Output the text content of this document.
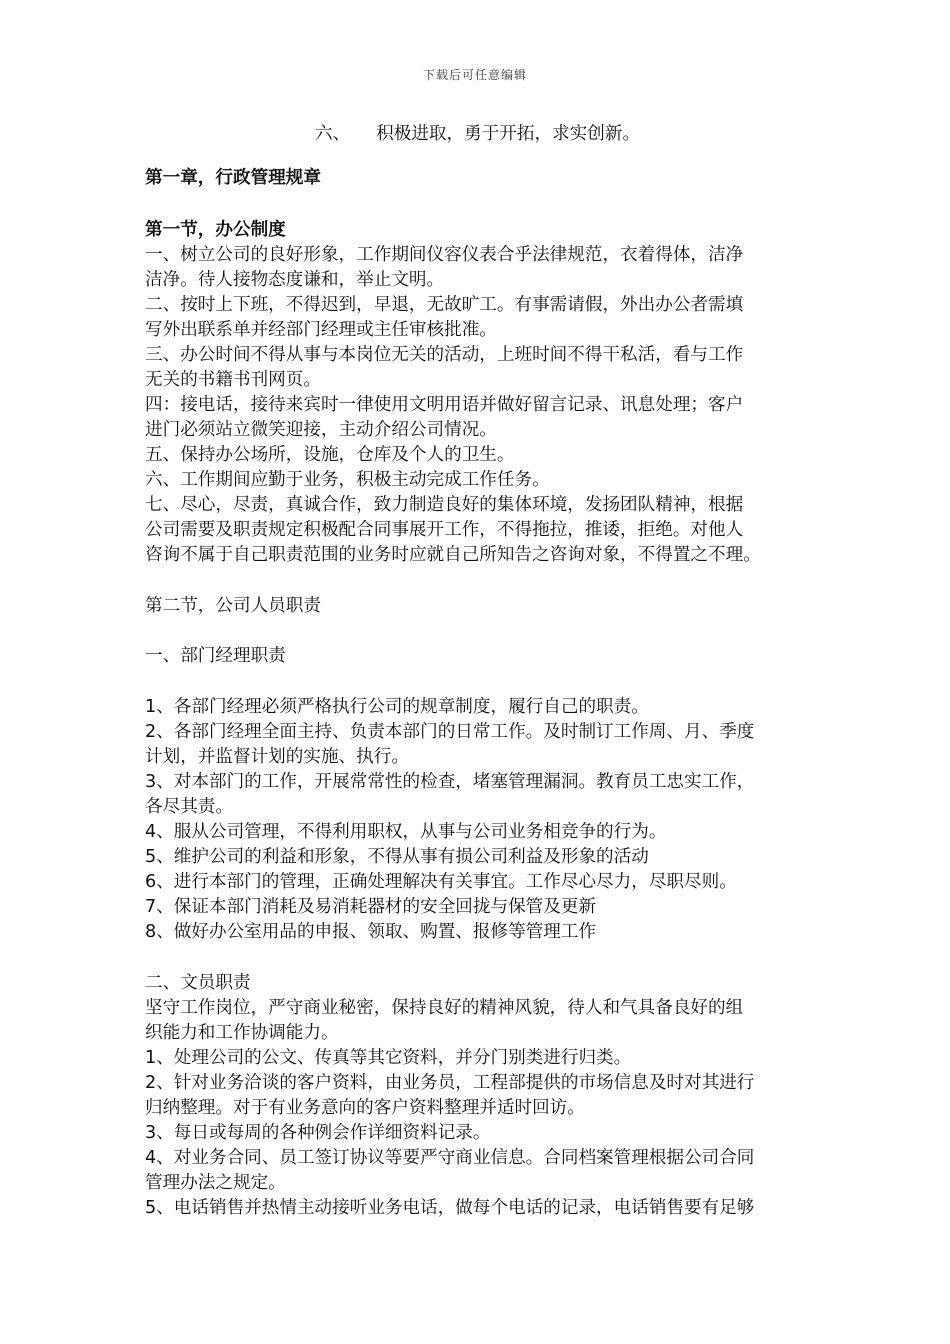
下载后可任意编辑

六、 积极进取，勇于开拓，求实创新。

第一章，行政管理规章

第一节，办公制度

一、树立公司的良好形象，工作期间仪容仪表合乎法律规范，衣着得体，洁净

洁净。待人接物态度谦和，举止文明。

二、按时上下班，不得迟到，早退，无故旷工。有事需请假，外出办公者需填

写外出联系单并经部门经理或主任审核批准。

三、办公时间不得从事与本岗位无关的活动，上班时间不得干私活，看与工作

无关的书籍书刊网页。

四：接电话，接待来宾时一律使用文明用语并做好留言记录、讯息处理；客户

进门必须站立微笑迎接，主动介绍公司情况。

五、保持办公场所，设施，仓库及个人的卫生。

六、工作期间应勤于业务，积极主动完成工作任务。

七、尽心，尽责，真诚合作，致力制造良好的集体环境，发扬团队精神，根据

公司需要及职责规定积极配合同事展开工作，不得拖拉，推诿，拒绝。对他人

咨询不属于自己职责范围的业务时应就自己所知告之咨询对象，不得置之不理。

第二节，公司人员职责

一、部门经理职责

1、各部门经理必须严格执行公司的规章制度，履行自己的职责。

2、各部门经理全面主持、负责本部门的日常工作。及时制订工作周、月、季度

计划，并监督计划的实施、执行。

3、对本部门的工作，开展常常性的检查，堵塞管理漏洞。教育员工忠实工作，

各尽其责。

4、服从公司管理，不得利用职权，从事与公司业务相竞争的行为。

5、维护公司的利益和形象，不得从事有损公司利益及形象的活动

6、进行本部门的管理，正确处理解决有关事宜。工作尽心尽力，尽职尽则。

7、保证本部门消耗及易消耗器材的安全回拢与保管及更新

8、做好办公室用品的申报、领取、购置、报修等管理工作

二、文员职责

坚守工作岗位，严守商业秘密，保持良好的精神风貌，待人和气具备良好的组

织能力和工作协调能力。

1、处理公司的公文、传真等其它资料，并分门别类进行归类。

2、针对业务洽谈的客户资料，由业务员，工程部提供的市场信息及时对其进行

归纳整理。对于有业务意向的客户资料整理并适时回访。

3、每日或每周的各种例会作详细资料记录。

4、对业务合同、员工签订协议等要严守商业信息。合同档案管理根据公司合同

管理办法之规定。

5、电话销售并热情主动接听业务电话，做每个电话的记录，电话销售要有足够
